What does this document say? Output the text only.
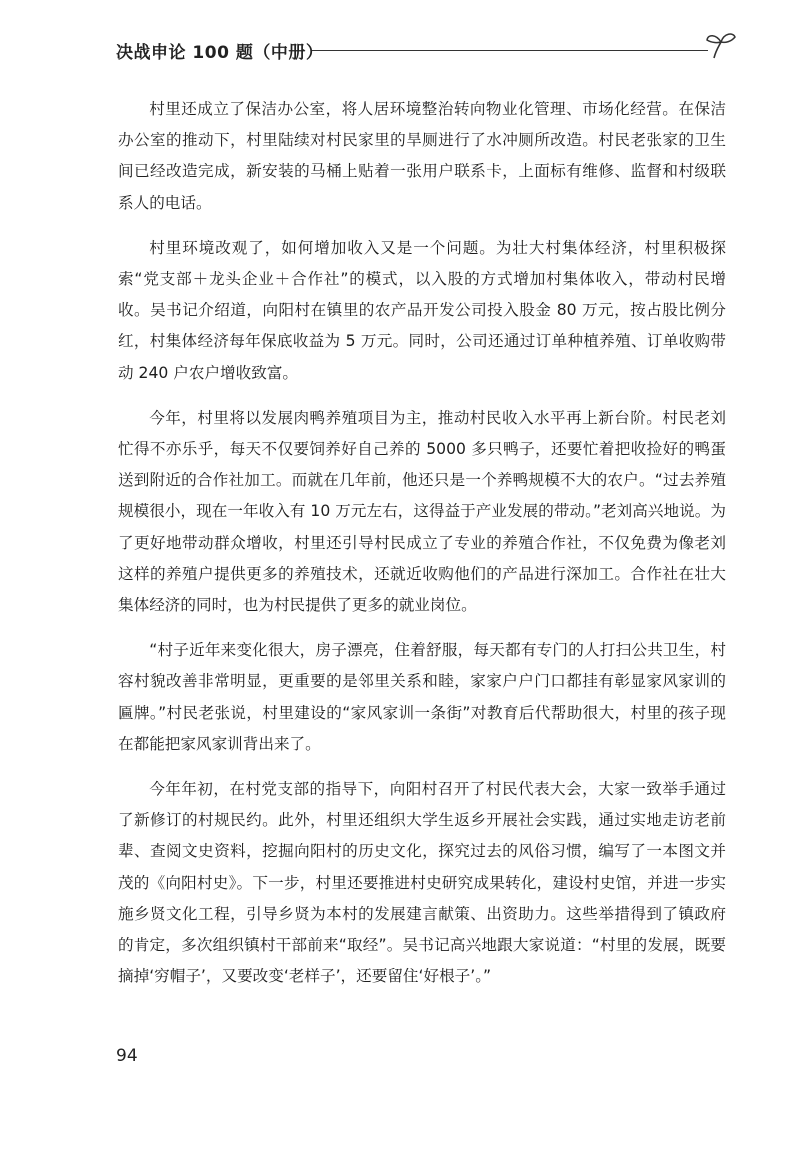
决战申论 100 题（中册）

村里还成立了保洁办公室，将人居环境整治转向物业化管理、市场化经营。在保洁办公室的推动下，村里陆续对村民家里的旱厕进行了水冲厕所改造。村民老张家的卫生间已经改造完成，新安装的马桶上贴着一张用户联系卡，上面标有维修、监督和村级联系人的电话。

村里环境改观了，如何增加收入又是一个问题。为壮大村集体经济，村里积极探索“党支部＋龙头企业＋合作社”的模式，以入股的方式增加村集体收入，带动村民增收。吴书记介绍道，向阳村在镇里的农产品开发公司投入股金 80 万元，按占股比例分红，村集体经济每年保底收益为 5 万元。同时，公司还通过订单种植养殖、订单收购带动 240 户农户增收致富。

今年，村里将以发展肉鸭养殖项目为主，推动村民收入水平再上新台阶。村民老刘忙得不亦乐乎，每天不仅要饲养好自己养的 5000 多只鸭子，还要忙着把收捡好的鸭蛋送到附近的合作社加工。而就在几年前，他还只是一个养鸭规模不大的农户。“过去养殖规模很小，现在一年收入有 10 万元左右，这得益于产业发展的带动。”老刘高兴地说。为了更好地带动群众增收，村里还引导村民成立了专业的养殖合作社，不仅免费为像老刘这样的养殖户提供更多的养殖技术，还就近收购他们的产品进行深加工。合作社在壮大集体经济的同时，也为村民提供了更多的就业岗位。

“村子近年来变化很大，房子漂亮，住着舒服，每天都有专门的人打扫公共卫生，村容村貌改善非常明显，更重要的是邻里关系和睦，家家户户门口都挂有彰显家风家训的匾牌。”村民老张说，村里建设的“家风家训一条街”对教育后代帮助很大，村里的孩子现在都能把家风家训背出来了。

今年年初，在村党支部的指导下，向阳村召开了村民代表大会，大家一致举手通过了新修订的村规民约。此外，村里还组织大学生返乡开展社会实践，通过实地走访老前辈、查阅文史资料，挖掘向阳村的历史文化，探究过去的风俗习惯，编写了一本图文并茂的《向阳村史》。下一步，村里还要推进村史研究成果转化，建设村史馆，并进一步实施乡贤文化工程，引导乡贤为本村的发展建言献策、出资助力。这些举措得到了镇政府的肯定，多次组织镇村干部前来“取经”。吴书记高兴地跟大家说道：“村里的发展，既要摘掉‘穷帽子’，又要改变‘老样子’，还要留住‘好根子’。”

94
